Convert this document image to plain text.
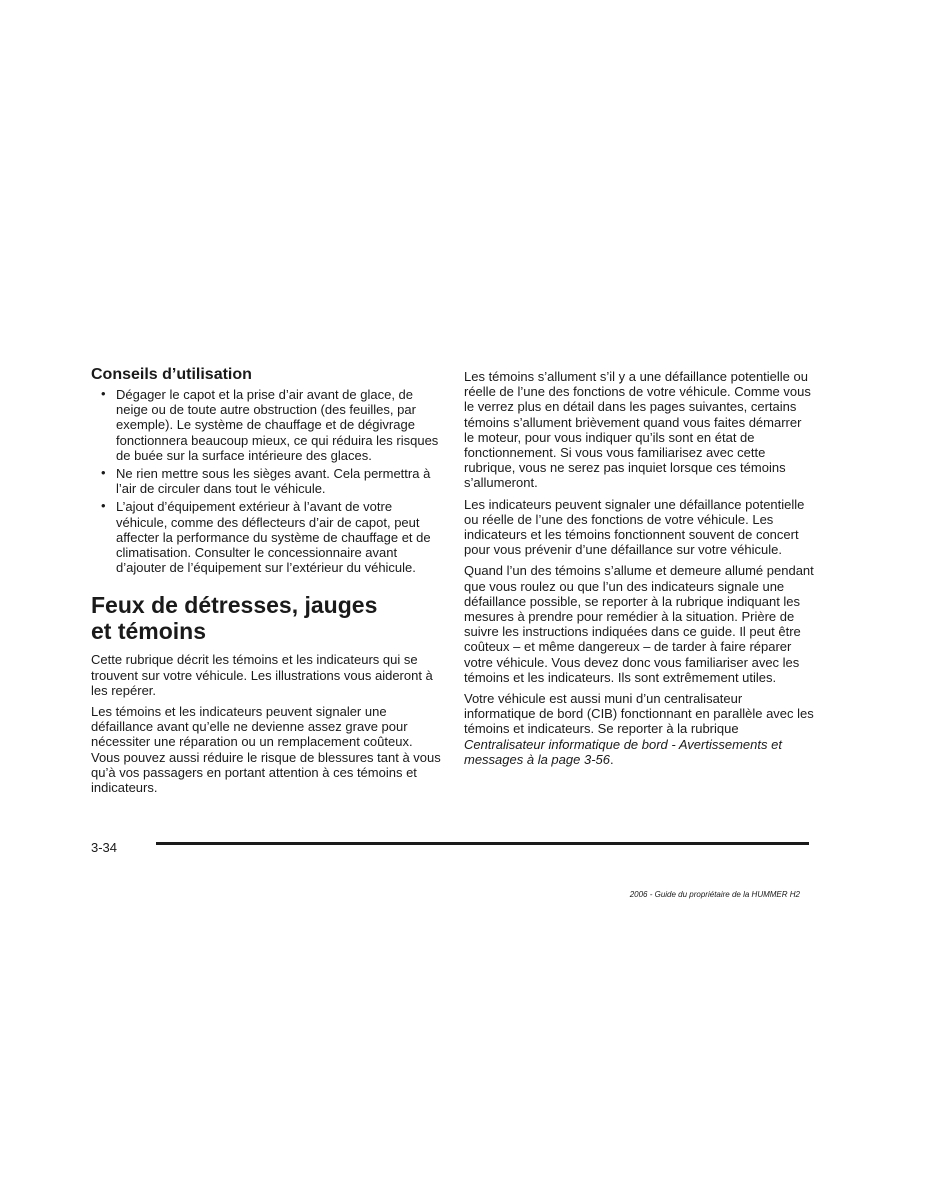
Conseils d’utilisation
• Dégager le capot et la prise d’air avant de glace, de neige ou de toute autre obstruction (des feuilles, par exemple). Le système de chauffage et de dégivrage fonctionnera beaucoup mieux, ce qui réduira les risques de buée sur la surface intérieure des glaces.
• Ne rien mettre sous les sièges avant. Cela permettra à l’air de circuler dans tout le véhicule.
• L’ajout d’équipement extérieur à l’avant de votre véhicule, comme des déflecteurs d’air de capot, peut affecter la performance du système de chauffage et de climatisation. Consulter le concessionnaire avant d’ajouter de l’équipement sur l’extérieur du véhicule.
Feux de détresses, jauges
et témoins

Cette rubrique décrit les témoins et les indicateurs qui se trouvent sur votre véhicule. Les illustrations vous aideront à les repérer.

Les témoins et les indicateurs peuvent signaler une défaillance avant qu’elle ne devienne assez grave pour nécessiter une réparation ou un remplacement coûteux. Vous pouvez aussi réduire le risque de blessures tant à vous qu’à vos passagers en portant attention à ces témoins et indicateurs.

Les témoins s’allument s’il y a une défaillance potentielle ou réelle de l’une des fonctions de votre véhicule. Comme vous le verrez plus en détail dans les pages suivantes, certains témoins s’allument brièvement quand vous faites démarrer le moteur, pour vous indiquer qu’ils sont en état de fonctionnement. Si vous vous familiarisez avec cette rubrique, vous ne serez pas inquiet lorsque ces témoins s’allumeront.

Les indicateurs peuvent signaler une défaillance potentielle ou réelle de l’une des fonctions de votre véhicule. Les indicateurs et les témoins fonctionnent souvent de concert pour vous prévenir d’une défaillance sur votre véhicule.

Quand l’un des témoins s’allume et demeure allumé pendant que vous roulez ou que l’un des indicateurs signale une défaillance possible, se reporter à la rubrique indiquant les mesures à prendre pour remédier à la situation. Prière de suivre les instructions indiquées dans ce guide. Il peut être coûteux – et même dangereux – de tarder à faire réparer votre véhicule. Vous devez donc vous familiariser avec les témoins et les indicateurs. Ils sont extrêmement utiles.

Votre véhicule est aussi muni d’un centralisateur informatique de bord (CIB) fonctionnant en parallèle avec les témoins et indicateurs. Se reporter à la rubrique Centralisateur informatique de bord - Avertissements et messages à la page 3-56.

3-34
2006 - Guide du propriétaire de la HUMMER H2
